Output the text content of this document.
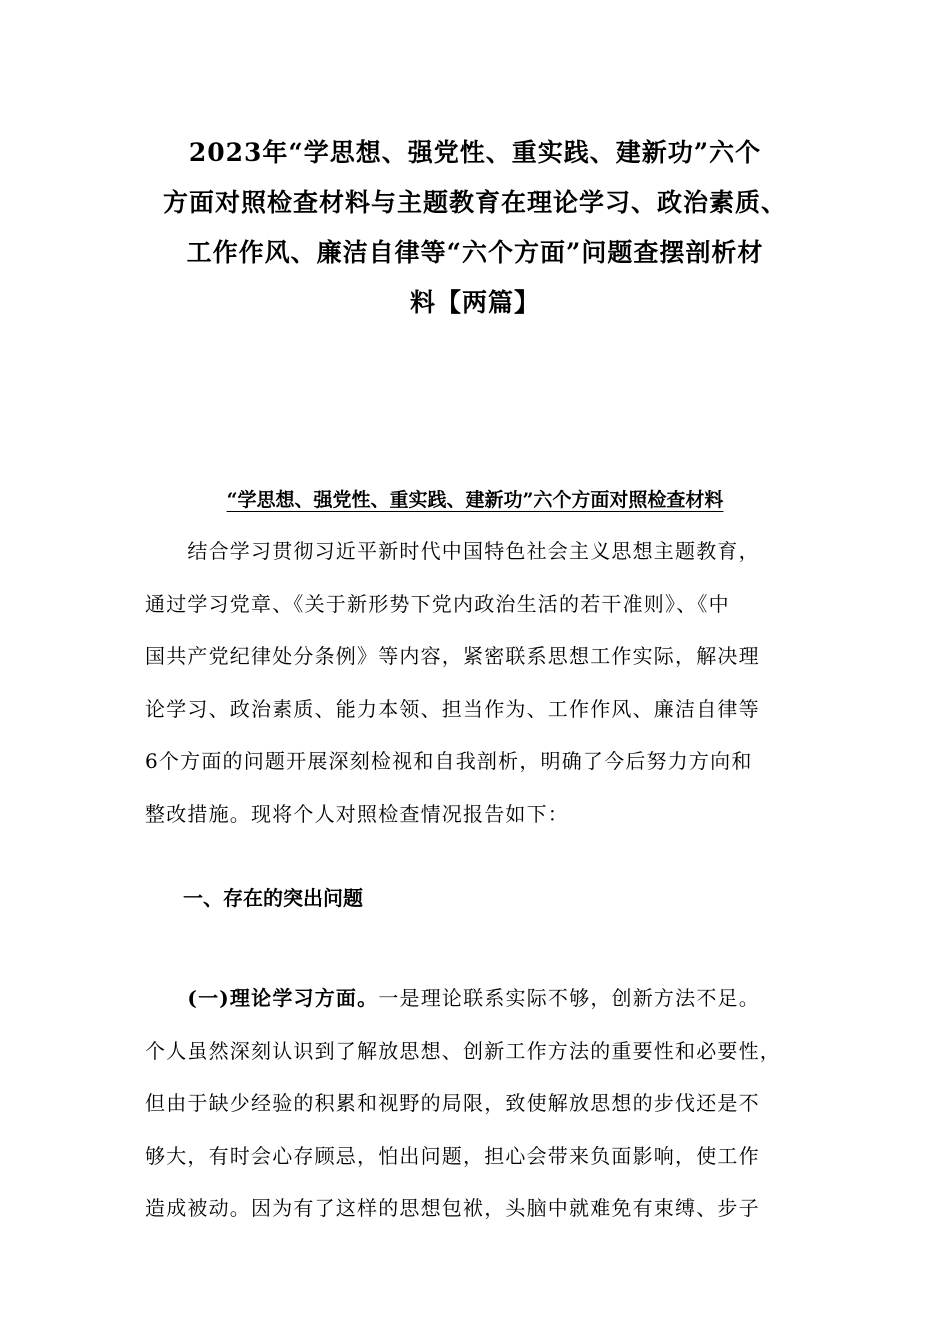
2023年“学思想、强党性、重实践、建新功”六个
方面对照检查材料与主题教育在理论学习、政治素质、
工作作风、廉洁自律等“六个方面”问题查摆剖析材
料【两篇】
“学思想、强党性、重实践、建新功”六个方面对照检查材料

　　结合学习贯彻习近平新时代中国特色社会主义思想主题教育，
通过学习党章、《关于新形势下党内政治生活的若干准则》、《中
国共产党纪律处分条例》等内容，紧密联系思想工作实际，解决理
论学习、政治素质、能力本领、担当作为、工作作风、廉洁自律等
6个方面的问题开展深刻检视和自我剖析，明确了今后努力方向和
整改措施。现将个人对照检查情况报告如下：

一、存在的突出问题

　　(一)理论学习方面。一是理论联系实际不够，创新方法不足。
个人虽然深刻认识到了解放思想、创新工作方法的重要性和必要性，
但由于缺少经验的积累和视野的局限，致使解放思想的步伐还是不
够大，有时会心存顾忌，怕出问题，担心会带来负面影响，使工作
造成被动。因为有了这样的思想包袱，头脑中就难免有束缚、步子
